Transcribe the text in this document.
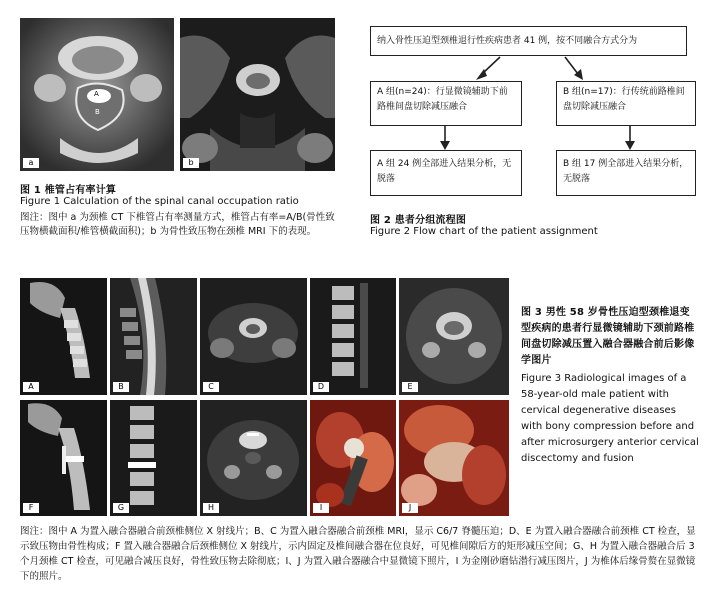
A
B
a	b
图 1 椎管占有率计算
Figure 1 Calculation of the spinal canal occupation ratio
图注：图中 a 为颈椎 CT 下椎管占有率测量方式，椎管占有率=A/B(骨性致压物横截面积/椎管横截面积)；b 为骨性致压物在颈椎 MRI 下的表现。
纳入骨性压迫型颈椎退行性疾病患者 41 例，按不同融合方式分为
A 组(n=24)：行显微镜辅助下前路椎间盘切除减压融合
B 组(n=17)：行传统前路椎间盘切除减压融合
A 组 24 例全部进入结果分析，无脱落
B 组 17 例全部进入结果分析，无脱落
图 2 患者分组流程图
Figure 2 Flow chart of the patient assignment
A	B	C	D	E
F	G	H	I	J
图 3 男性 58 岁骨性压迫型颈椎退变型疾病的患者行显微镜辅助下颈前路椎间盘切除减压置入融合器融合前后影像学图片
Figure 3 Radiological images of a 58-year-old male patient with cervical degenerative diseases with bony compression before and after microsurgery anterior cervical discectomy and fusion
图注：图中 A 为置入融合器融合前颈椎侧位 X 射线片；B、C 为置入融合器融合前颈椎 MRI，显示 C6/7 脊髓压迫；D、E 为置入融合器融合前颈椎 CT 检查，显示致压物由骨性构成；F 置入融合器融合后颈椎侧位 X 射线片，示内固定及椎间融合器在位良好，可见椎间隙后方的矩形减压空间；G、H 为置入融合器融合后 3 个月颈椎 CT 检查，可见融合减压良好，骨性致压物去除彻底；I、J 为置入融合器融合中显微镜下照片，I 为金刚砂磨钻潜行减压图片，J 为椎体后缘骨赘在显微镜下的照片。
